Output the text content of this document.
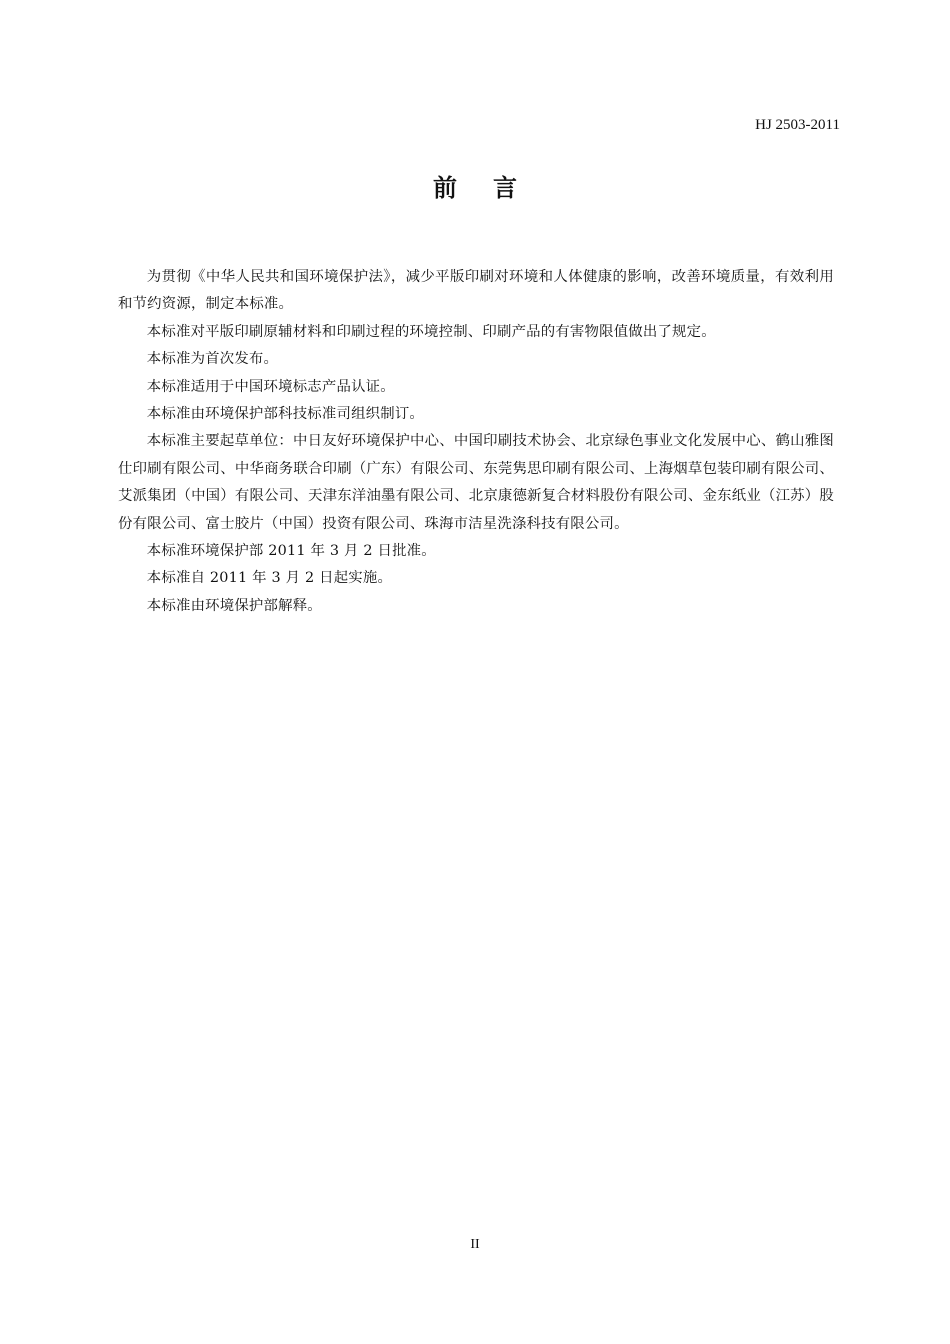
HJ 2503-2011
前言

为贯彻《中华人民共和国环境保护法》，减少平版印刷对环境和人体健康的影响，改善环境质量，有效利用和节约资源，制定本标准。

本标准对平版印刷原辅材料和印刷过程的环境控制、印刷产品的有害物限值做出了规定。

本标准为首次发布。

本标准适用于中国环境标志产品认证。

本标准由环境保护部科技标准司组织制订。

本标准主要起草单位：中日友好环境保护中心、中国印刷技术协会、北京绿色事业文化发展中心、鹤山雅图仕印刷有限公司、中华商务联合印刷（广东）有限公司、东莞隽思印刷有限公司、上海烟草包装印刷有限公司、艾派集团（中国）有限公司、天津东洋油墨有限公司、北京康德新复合材料股份有限公司、金东纸业（江苏）股份有限公司、富士胶片（中国）投资有限公司、珠海市洁星洗涤科技有限公司。

本标准环境保护部 2011 年 3 月 2 日批准。

本标准自 2011 年 3 月 2 日起实施。

本标准由环境保护部解释。

II
